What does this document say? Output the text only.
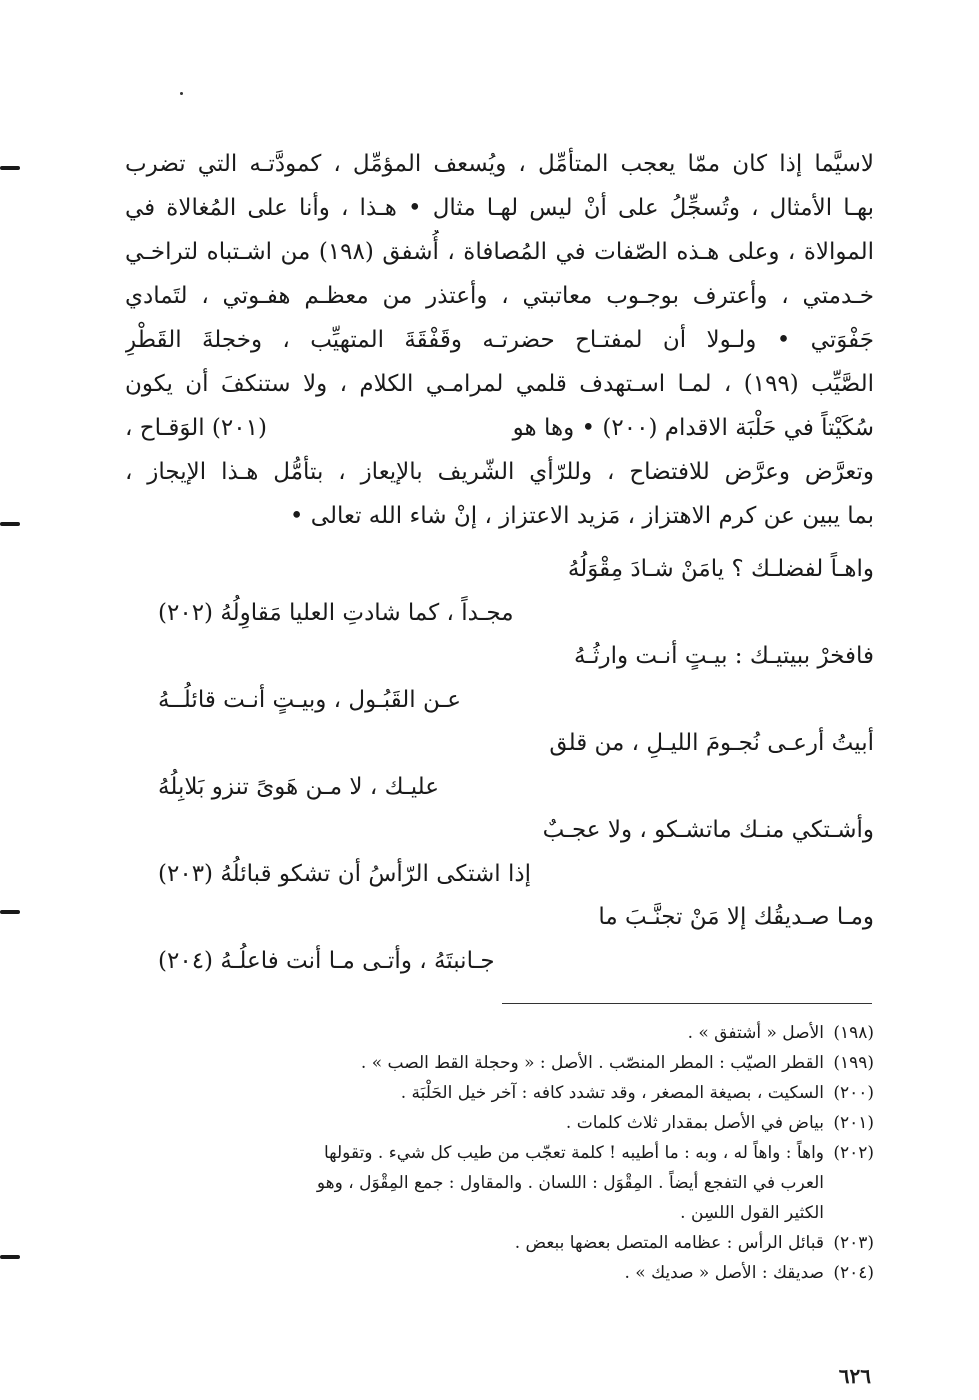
لاسيَّما إذا كان ممّا يعجب المتأمِّل ، ويُسعف المؤمِّل ، كمودَّتـه التي تضرب
بهـا الأمثال ، وتُسجِّلُ على أنْ ليس لهـا مثال • هـذا ، وأنا على المُغالاة في
الموالاة ، وعلى هـذه الصّفات في المُصافاة ، أُشفق (١٩٨) من اشـتباه لتراخـي
خـدمتي ، وأعترف بوجـوب معاتبتي ، وأعتذر من معظـم هفـوتي ، لتَمادي
جَفْوَتي • ولـولا أن لمفتـاح حضرتـه وقَفْقَةَ المتهيِّب ، وخجلةَ القَطْرِ
الصَّيِّب (١٩٩) ، لمـا اسـتهدف قلمي لمرامـي الكلام ، ولا ستنكفَ أن يكون
سُكَيْتاً في حَلْبَة الاقدام (٢٠٠) • وها هو
(٢٠١) الوَقـاح ،
وتعرَّض وعرَّض للافتضاح ، وللرّأي الشّريف بالإيعاز ، بتأمُّل هـذا الإيجاز ،
بما يبين عن كرم الاهتزاز ، مَزيد الاعتزاز ، إنْ شاء الله تعالى •
واهـاً لفضلـك ؟ يامَنْ شـادَ مِقْوَلُهُ
مجـداً ، كما شادتِ العليا مَقاوِلُهُ (٢٠٢)
فافخرْ ببيتيـك : بيـتٍ أنـت وارثُـهُ
عـن القَبُـول ، وبيـتٍ أنـت قائلُــهُ
أبيتُ أرعـى نُجـومَ الليـلِ ، من قلق
عليـك ، لا مـن هَوىً تنزو بَلابِلُهُ
وأشـتكي منـك ماتشـكو ، ولا عجـبٌ
إذا اشتكى الرّأسُ أن تشكو قبائلُهُ (٢٠٣)
ومـا صـديقُك إلا مَنْ تجنَّـبَ ما
جـانبتَهُ ، وأتـى مـا أنت فاعلُـهُ (٢٠٤)
(١٩٨)
الأصل « أشتفق » .
(١٩٩)
القطر الصيّب : المطر المنصّب . الأصل : « وحجلة القط الصب » .
(٢٠٠)
السكيت ، بصيغة المصغر ، وقد تشدد كافه : آخر خيل الحَلْبَة .
(٢٠١)
بياض في الأصل بمقدار ثلاث كلمات .
(٢٠٢)
واهاً : واهاً له ، وبه : ما أطيبه ! كلمة تعجّب من طيب كل شيء . وتقولها
العرب في التفجع أيضاً . المِقْوَل : اللسان . والمقاول : جمع المِقْوَل ، وهو
الكثير القول اللسِن .
(٢٠٣)
قبائل الرأس : عظامه المتصل بعضها ببعض .
(٢٠٤)
صديقك : الأصل « صديك » .
٦٢٦
